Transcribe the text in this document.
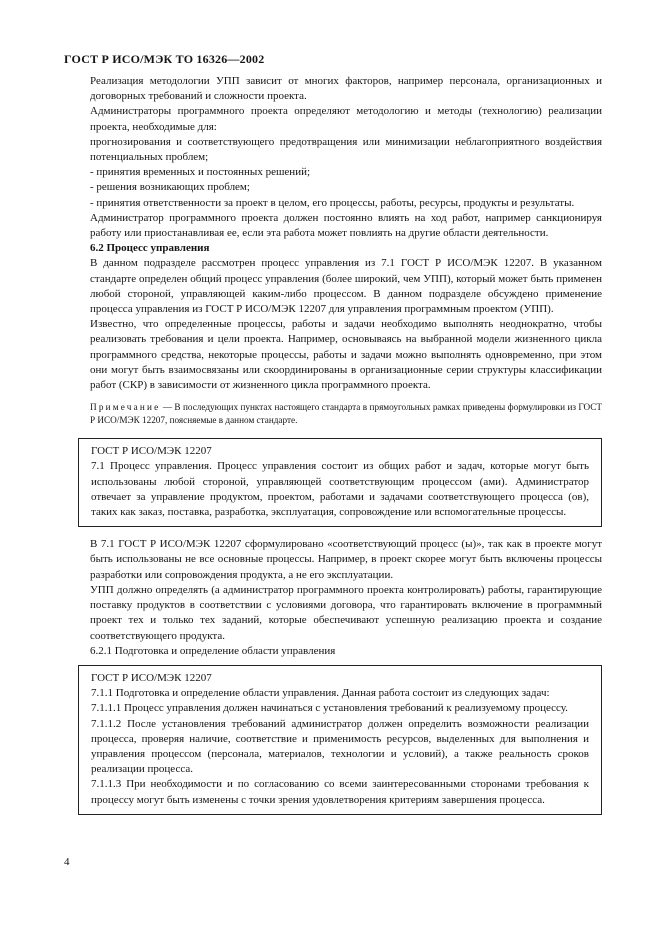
ГОСТ Р ИСО/МЭК ТО 16326—2002

Реализация методологии УПП зависит от многих факторов, например персонала, организационных и договорных требований и сложности проекта.

Администраторы программного проекта определяют методологию и методы (технологию) реализации проекта, необходимые для:

прогнозирования и соответствующего предотвращения или минимизации неблагоприятного воздействия потенциальных проблем;

- принятия временных и постоянных решений;

- решения возникающих проблем;

- принятия ответственности за проект в целом, его процессы, работы, ресурсы, продукты и результаты.

Администратор программного проекта должен постоянно влиять на ход работ, например санкционируя работу или приостанавливая ее, если эта работа может повлиять на другие области деятельности.

6.2 Процесс управления

В данном подразделе рассмотрен процесс управления из 7.1 ГОСТ Р ИСО/МЭК 12207. В указанном стандарте определен общий процесс управления (более широкий, чем УПП), который может быть применен любой стороной, управляющей каким-либо процессом. В данном подразделе обсуждено применение процесса управления из ГОСТ Р ИСО/МЭК 12207 для управления программным проектом (УПП).

Известно, что определенные процессы, работы и задачи необходимо выполнять неоднократно, чтобы реализовать требования и цели проекта. Например, основываясь на выбранной модели жизненного цикла программного средства, некоторые процессы, работы и задачи можно выполнять одновременно, при этом они могут быть взаимосвязаны или скоординированы в организационные серии структуры классификации работ (СКР) в зависимости от жизненного цикла программного проекта.

Примечание — В последующих пунктах настоящего стандарта в прямоугольных рамках приведены формулировки из ГОСТ Р ИСО/МЭК 12207, поясняемые в данном стандарте.

ГОСТ Р ИСО/МЭК 12207

7.1 Процесс управления. Процесс управления состоит из общих работ и задач, которые могут быть использованы любой стороной, управляющей соответствующим процессом (ами). Администратор отвечает за управление продуктом, проектом, работами и задачами соответствующего процесса (ов), таких как заказ, поставка, разработка, эксплуатация, сопровождение или вспомогательные процессы.

В 7.1 ГОСТ Р ИСО/МЭК 12207 сформулировано «соответствующий процесс (ы)», так как в проекте могут быть использованы не все основные процессы. Например, в проект скорее могут быть включены процессы разработки или сопровождения продукта, а не его эксплуатации.

УПП должно определять (а администратор программного проекта контролировать) работы, гарантирующие поставку продуктов в соответствии с условиями договора, что гарантировать включение в программный проект тех и только тех заданий, которые обеспечивают успешную реализацию проекта и создание соответствующего продукта.

6.2.1 Подготовка и определение области управления

ГОСТ Р ИСО/МЭК 12207

7.1.1 Подготовка и определение области управления. Данная работа состоит из следующих задач:

7.1.1.1 Процесс управления должен начинаться с установления требований к реализуемому процессу.

7.1.1.2 После установления требований администратор должен определить возможности реализации процесса, проверяя наличие, соответствие и применимость ресурсов, выделенных для выполнения и управления процессом (персонала, материалов, технологии и условий), а также реальность сроков реализации процесса.

7.1.1.3 При необходимости и по согласованию со всеми заинтересованными сторонами требования к процессу могут быть изменены с точки зрения удовлетворения критериям завершения процесса.

4
